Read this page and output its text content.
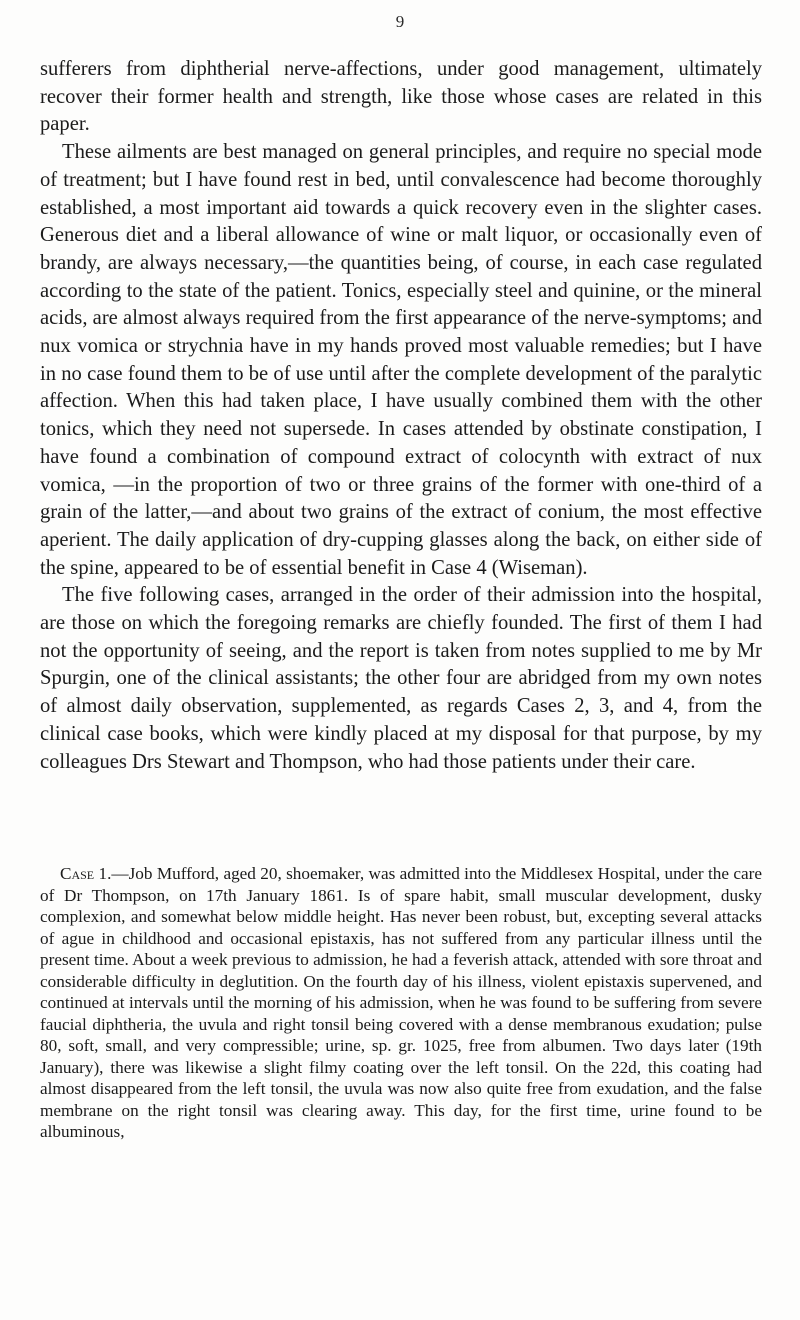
9

sufferers from diphtherial nerve-affections, under good management, ultimately recover their former health and strength, like those whose cases are related in this paper.

These ailments are best managed on general principles, and require no special mode of treatment; but I have found rest in bed, until convalescence had become thoroughly established, a most important aid towards a quick recovery even in the slighter cases. Generous diet and a liberal allowance of wine or malt liquor, or occasionally even of brandy, are always necessary,—the quantities being, of course, in each case regulated according to the state of the patient. Tonics, especially steel and quinine, or the mineral acids, are almost always required from the first appearance of the nerve-symptoms; and nux vomica or strychnia have in my hands proved most valuable remedies; but I have in no case found them to be of use until after the complete development of the paralytic affection. When this had taken place, I have usually combined them with the other tonics, which they need not supersede. In cases attended by obstinate constipation, I have found a combination of compound extract of colocynth with extract of nux vomica, —in the proportion of two or three grains of the former with one-third of a grain of the latter,—and about two grains of the extract of conium, the most effective aperient. The daily application of dry-cupping glasses along the back, on either side of the spine, appeared to be of essential benefit in Case 4 (Wiseman).

The five following cases, arranged in the order of their admission into the hospital, are those on which the foregoing remarks are chiefly founded. The first of them I had not the opportunity of seeing, and the report is taken from notes supplied to me by Mr Spurgin, one of the clinical assistants; the other four are abridged from my own notes of almost daily observation, supplemented, as regards Cases 2, 3, and 4, from the clinical case books, which were kindly placed at my disposal for that purpose, by my colleagues Drs Stewart and Thompson, who had those patients under their care.

Case 1.—Job Mufford, aged 20, shoemaker, was admitted into the Middlesex Hospital, under the care of Dr Thompson, on 17th January 1861. Is of spare habit, small muscular development, dusky complexion, and somewhat below middle height. Has never been robust, but, excepting several attacks of ague in childhood and occasional epistaxis, has not suffered from any particular illness until the present time. About a week previous to admission, he had a feverish attack, attended with sore throat and considerable difficulty in deglutition. On the fourth day of his illness, violent epistaxis supervened, and continued at intervals until the morning of his admission, when he was found to be suffering from severe faucial diphtheria, the uvula and right tonsil being covered with a dense membranous exudation; pulse 80, soft, small, and very compressible; urine, sp. gr. 1025, free from albumen. Two days later (19th January), there was likewise a slight filmy coating over the left tonsil. On the 22d, this coating had almost disappeared from the left tonsil, the uvula was now also quite free from exudation, and the false membrane on the right tonsil was clearing away. This day, for the first time, urine found to be albuminous,
